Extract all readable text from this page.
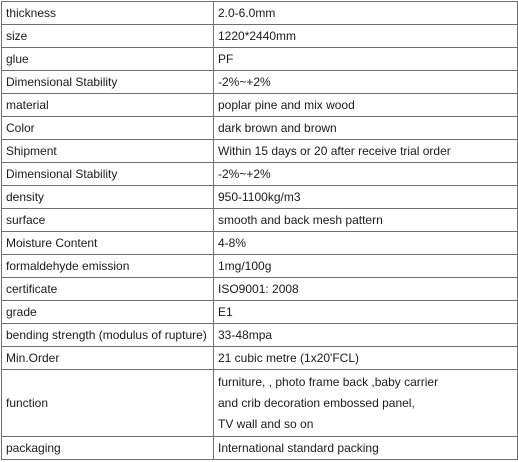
thickness	2.0-6.0mm
size	1220*2440mm
glue	PF
Dimensional Stability	-2%~+2%
material	poplar pine and mix wood
Color	dark brown and brown
Shipment	Within 15 days or 20 after receive trial order
Dimensional Stability	-2%~+2%
density	950-1100kg/m3
surface	smooth and back mesh pattern
Moisture Content	4-8%
formaldehyde emission	1mg/100g
certificate	ISO9001: 2008
grade	E1
bending strength (modulus of rupture)	33-48mpa
Min.Order	21 cubic metre (1x20'FCL)
function	furniture, , photo frame back ,baby carrier
and crib decoration embossed panel,
TV wall and so on

packaging	International standard packing
